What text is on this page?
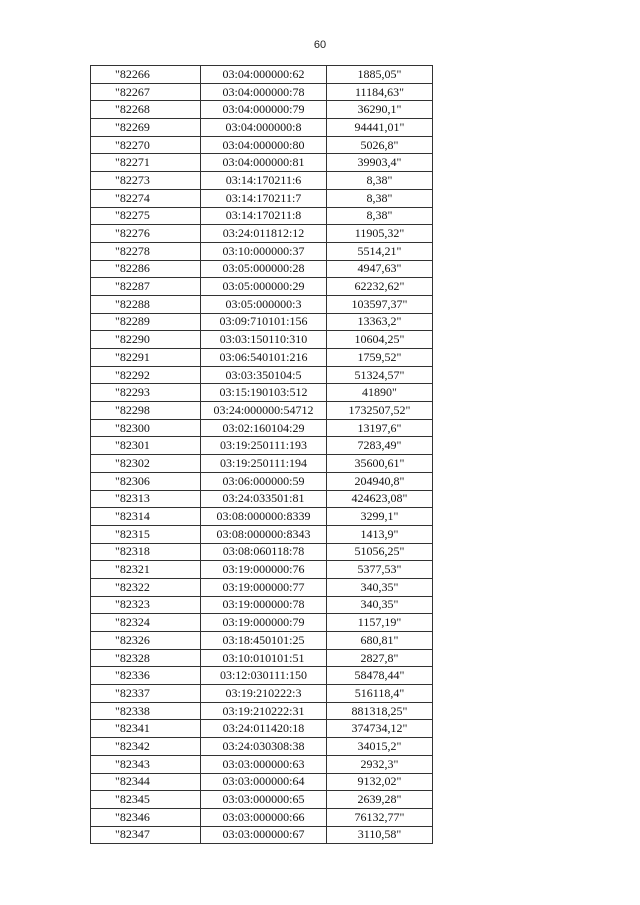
60
"82266	03:04:000000:62	1885,05"
"82267	03:04:000000:78	11184,63"
"82268	03:04:000000:79	36290,1"
"82269	03:04:000000:8	94441,01"
"82270	03:04:000000:80	5026,8"
"82271	03:04:000000:81	39903,4"
"82273	03:14:170211:6	8,38"
"82274	03:14:170211:7	8,38"
"82275	03:14:170211:8	8,38"
"82276	03:24:011812:12	11905,32"
"82278	03:10:000000:37	5514,21"
"82286	03:05:000000:28	4947,63"
"82287	03:05:000000:29	62232,62"
"82288	03:05:000000:3	103597,37"
"82289	03:09:710101:156	13363,2"
"82290	03:03:150110:310	10604,25"
"82291	03:06:540101:216	1759,52"
"82292	03:03:350104:5	51324,57"
"82293	03:15:190103:512	41890"
"82298	03:24:000000:54712	1732507,52"
"82300	03:02:160104:29	13197,6"
"82301	03:19:250111:193	7283,49"
"82302	03:19:250111:194	35600,61"
"82306	03:06:000000:59	204940,8"
"82313	03:24:033501:81	424623,08"
"82314	03:08:000000:8339	3299,1"
"82315	03:08:000000:8343	1413,9"
"82318	03:08:060118:78	51056,25"
"82321	03:19:000000:76	5377,53"
"82322	03:19:000000:77	340,35"
"82323	03:19:000000:78	340,35"
"82324	03:19:000000:79	1157,19"
"82326	03:18:450101:25	680,81"
"82328	03:10:010101:51	2827,8"
"82336	03:12:030111:150	58478,44"
"82337	03:19:210222:3	516118,4"
"82338	03:19:210222:31	881318,25"
"82341	03:24:011420:18	374734,12"
"82342	03:24:030308:38	34015,2"
"82343	03:03:000000:63	2932,3"
"82344	03:03:000000:64	9132,02"
"82345	03:03:000000:65	2639,28"
"82346	03:03:000000:66	76132,77"
"82347	03:03:000000:67	3110,58"
